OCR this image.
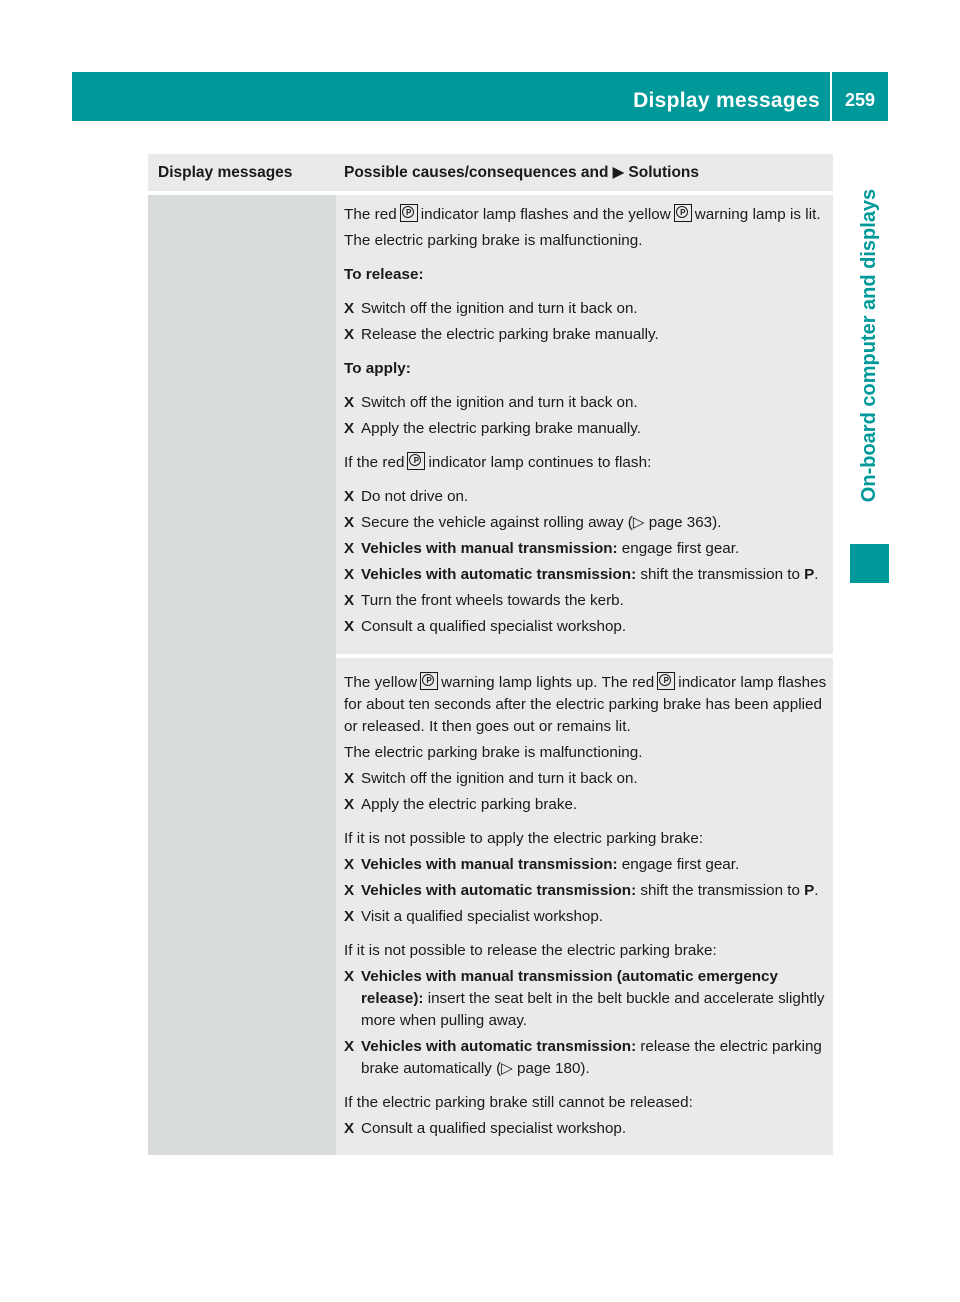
Display messages	259
On-board computer and displays
Display messages	Possible causes/consequences and ▶ Solutions

The red P indicator lamp flashes and the yellow P warning lamp is lit.

The electric parking brake is malfunctioning.

To release:

X Switch off the ignition and turn it back on.
X Release the electric parking brake manually.

To apply:

X Switch off the ignition and turn it back on.
X Apply the electric parking brake manually.

If the red P indicator lamp continues to flash:

X Do not drive on.
X Secure the vehicle against rolling away (▷ page 363).
X Vehicles with manual transmission: engage first gear.
X Vehicles with automatic transmission: shift the transmission to P.
X Turn the front wheels towards the kerb.
X Consult a qualified specialist workshop.

The yellow P warning lamp lights up. The red P indicator lamp flashes for about ten seconds after the electric parking brake has been applied or released. It then goes out or remains lit.

The electric parking brake is malfunctioning.

X Switch off the ignition and turn it back on.
X Apply the electric parking brake.

If it is not possible to apply the electric parking brake:

X Vehicles with manual transmission: engage first gear.
X Vehicles with automatic transmission: shift the transmission to P.
X Visit a qualified specialist workshop.

If it is not possible to release the electric parking brake:

X Vehicles with manual transmission (automatic emergency release): insert the seat belt in the belt buckle and accelerate slightly more when pulling away.
X Vehicles with automatic transmission: release the electric parking brake automatically (▷ page 180).

If the electric parking brake still cannot be released:

X Consult a qualified specialist workshop.
